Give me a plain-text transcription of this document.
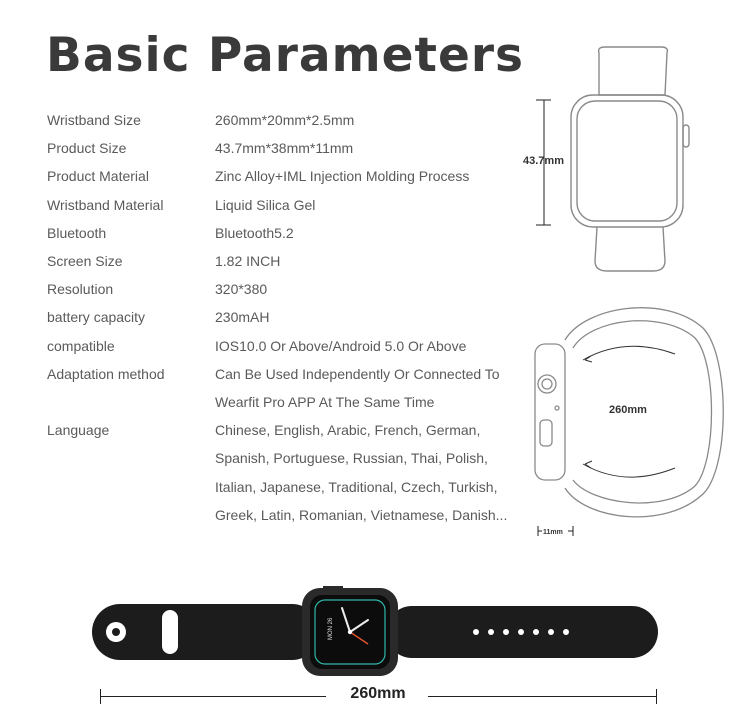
Basic Parameters
Wristband Size	260mm*20mm*2.5mm
Product Size	43.7mm*38mm*11mm
Product Material	Zinc Alloy+IML Injection Molding Process
Wristband Material	Liquid Silica Gel
Bluetooth	Bluetooth5.2
Screen Size	1.82 INCH
Resolution	320*380
battery capacity	230mAH
compatible	IOS10.0 Or Above/Android 5.0 Or Above
Adaptation method	Can Be Used Independently Or Connected To
Wearfit Pro APP At The Same Time
Language	Chinese, English, Arabic, French, German,
Spanish, Portuguese, Russian, Thai, Polish,
Italian, Japanese, Traditional, Czech, Turkish,
Greek, Latin, Romanian, Vietnamese, Danish...
43.7mm
260mm
11mm
MON 26
260mm
